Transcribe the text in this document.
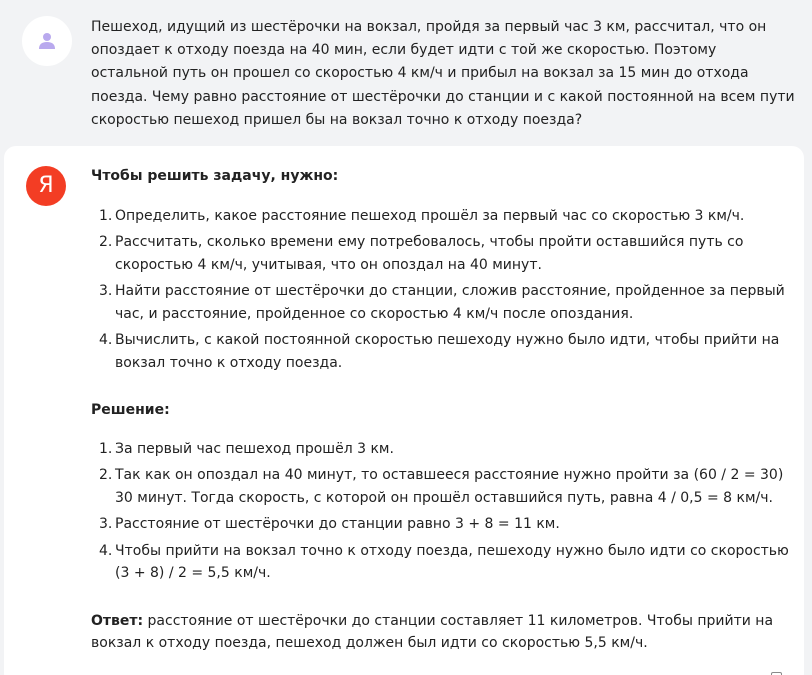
Пешеход, идущий из шестёрочки на вокзал, пройдя за первый час 3 км, рассчитал, что он опоздает к отходу поезда на 40 мин, если будет идти с той же скоростью. Поэтому остальной путь он прошел со скоростью 4 км/ч и прибыл на вокзал за 15 мин до отхода поезда. Чему равно расстояние от шестёрочки до станции и с какой постоянной на всем пути скоростью пешеход пришел бы на вокзал точно к отходу поезда?
Я	Чтобы решить задачу, нужно:
1. Определить, какое расстояние пешеход прошёл за первый час со скоростью 3 км/ч.
2. Рассчитать, сколько времени ему потребовалось, чтобы пройти оставшийся путь со скоростью 4 км/ч, учитывая, что он опоздал на 40 минут.
3. Найти расстояние от шестёрочки до станции, сложив расстояние, пройденное за первый час, и расстояние, пройденное со скоростью 4 км/ч после опоздания.
4. Вычислить, с какой постоянной скоростью пешеходу нужно было идти, чтобы прийти на вокзал точно к отходу поезда.
Решение:
1. За первый час пешеход прошёл 3 км.
2. Так как он опоздал на 40 минут, то оставшееся расстояние нужно пройти за (60 / 2 = 30) 30 минут. Тогда скорость, с которой он прошёл оставшийся путь, равна 4 / 0,5 = 8 км/ч.
3. Расстояние от шестёрочки до станции равно 3 + 8 = 11 км.
4. Чтобы прийти на вокзал точно к отходу поезда, пешеходу нужно было идти со скоростью (3 + 8) / 2 = 5,5 км/ч.
Ответ: расстояние от шестёрочки до станции составляет 11 километров. Чтобы прийти на вокзал к отходу поезда, пешеход должен был идти со скоростью 5,5 км/ч.
